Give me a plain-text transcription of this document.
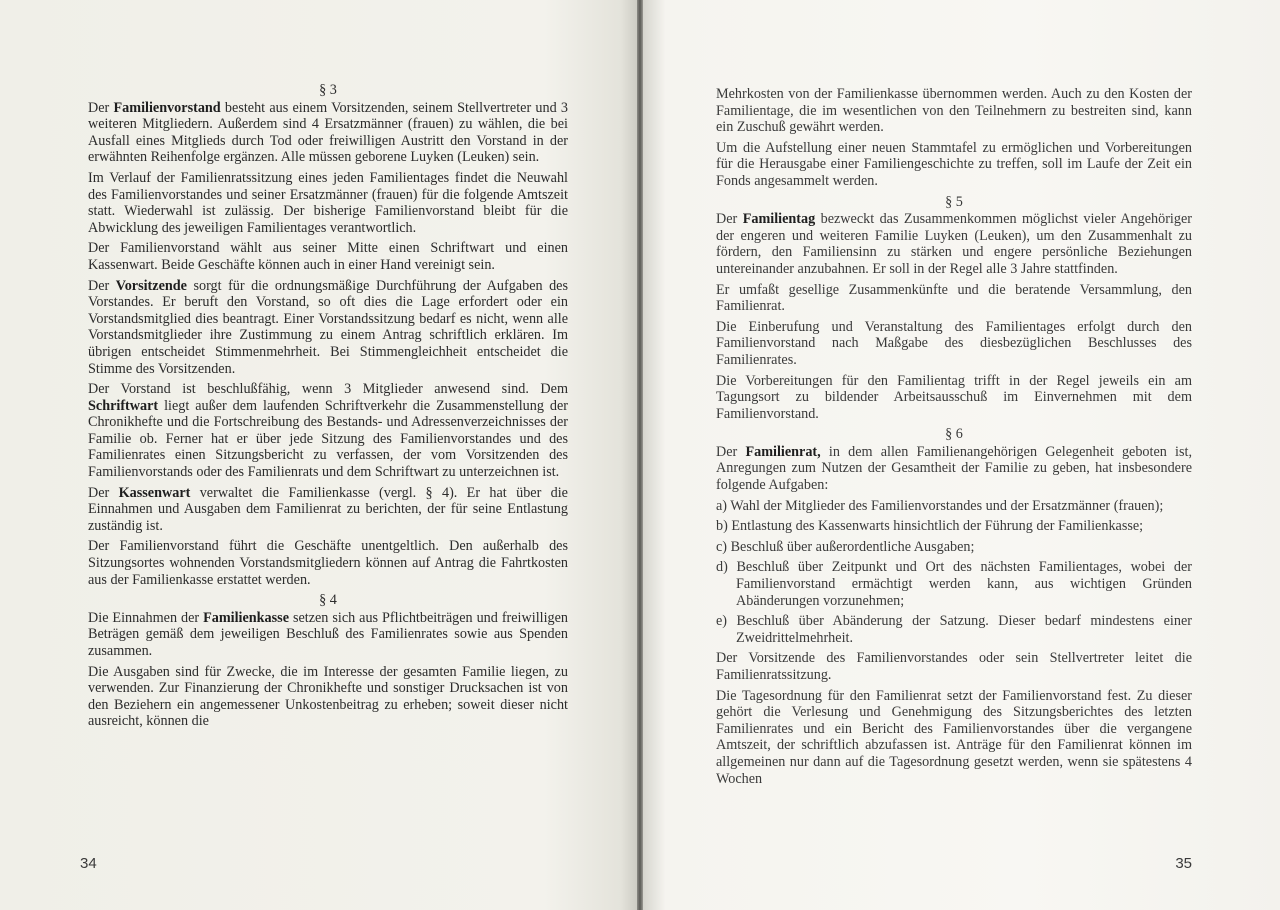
§ 3

Der Familienvorstand besteht aus einem Vorsitzenden, seinem Stellvertreter und 3 weiteren Mitgliedern. Außerdem sind 4 Ersatzmänner (frauen) zu wählen, die bei Ausfall eines Mitglieds durch Tod oder freiwilligen Austritt den Vorstand in der erwähnten Reihenfolge ergänzen. Alle müssen geborene Luyken (Leuken) sein.

Im Verlauf der Familienratssitzung eines jeden Familientages findet die Neuwahl des Familienvorstandes und seiner Ersatzmänner (frauen) für die folgende Amtszeit statt. Wiederwahl ist zulässig. Der bisherige Familienvorstand bleibt für die Abwicklung des jeweiligen Familientages verantwortlich.

Der Familienvorstand wählt aus seiner Mitte einen Schriftwart und einen Kassenwart. Beide Geschäfte können auch in einer Hand vereinigt sein.

Der Vorsitzende sorgt für die ordnungsmäßige Durchführung der Aufgaben des Vorstandes. Er beruft den Vorstand, so oft dies die Lage erfordert oder ein Vorstandsmitglied dies beantragt. Einer Vorstandssitzung bedarf es nicht, wenn alle Vorstandsmitglieder ihre Zustimmung zu einem Antrag schriftlich erklären. Im übrigen entscheidet Stimmenmehrheit. Bei Stimmengleichheit entscheidet die Stimme des Vorsitzenden.

Der Vorstand ist beschlußfähig, wenn 3 Mitglieder anwesend sind. Dem Schriftwart liegt außer dem laufenden Schriftverkehr die Zusammenstellung der Chronikhefte und die Fortschreibung des Bestands- und Adressenverzeichnisses der Familie ob. Ferner hat er über jede Sitzung des Familienvorstandes und des Familienrates einen Sitzungsbericht zu verfassen, der vom Vorsitzenden des Familienvorstands oder des Familienrats und dem Schriftwart zu unterzeichnen ist.

Der Kassenwart verwaltet die Familienkasse (vergl. § 4). Er hat über die Einnahmen und Ausgaben dem Familienrat zu berichten, der für seine Entlastung zuständig ist.

Der Familienvorstand führt die Geschäfte unentgeltlich. Den außerhalb des Sitzungsortes wohnenden Vorstandsmitgliedern können auf Antrag die Fahrtkosten aus der Familienkasse erstattet werden.

§ 4

Die Einnahmen der Familienkasse setzen sich aus Pflichtbeiträgen und freiwilligen Beträgen gemäß dem jeweiligen Beschluß des Familienrates sowie aus Spenden zusammen.

Die Ausgaben sind für Zwecke, die im Interesse der gesamten Familie liegen, zu verwenden. Zur Finanzierung der Chronikhefte und sonstiger Drucksachen ist von den Beziehern ein angemessener Unkostenbeitrag zu erheben; soweit dieser nicht ausreicht, können die

34

Mehrkosten von der Familienkasse übernommen werden. Auch zu den Kosten der Familientage, die im wesentlichen von den Teilnehmern zu bestreiten sind, kann ein Zuschuß gewährt werden.

Um die Aufstellung einer neuen Stammtafel zu ermöglichen und Vorbereitungen für die Herausgabe einer Familiengeschichte zu treffen, soll im Laufe der Zeit ein Fonds angesammelt werden.

§ 5

Der Familientag bezweckt das Zusammenkommen möglichst vieler Angehöriger der engeren und weiteren Familie Luyken (Leuken), um den Zusammenhalt zu fördern, den Familiensinn zu stärken und engere persönliche Beziehungen untereinander anzubahnen. Er soll in der Regel alle 3 Jahre stattfinden.

Er umfaßt gesellige Zusammenkünfte und die beratende Versammlung, den Familienrat.

Die Einberufung und Veranstaltung des Familientages erfolgt durch den Familienvorstand nach Maßgabe des diesbezüglichen Beschlusses des Familienrates.

Die Vorbereitungen für den Familientag trifft in der Regel jeweils ein am Tagungsort zu bildender Arbeitsausschuß im Einvernehmen mit dem Familienvorstand.

§ 6

Der Familienrat, in dem allen Familienangehörigen Gelegenheit geboten ist, Anregungen zum Nutzen der Gesamtheit der Familie zu geben, hat insbesondere folgende Aufgaben:

a) Wahl der Mitglieder des Familienvorstandes und der Ersatzmänner (frauen);

b) Entlastung des Kassenwarts hinsichtlich der Führung der Familienkasse;

c) Beschluß über außerordentliche Ausgaben;

d) Beschluß über Zeitpunkt und Ort des nächsten Familientages, wobei der Familienvorstand ermächtigt werden kann, aus wichtigen Gründen Abänderungen vorzunehmen;

e) Beschluß über Abänderung der Satzung. Dieser bedarf mindestens einer Zweidrittelmehrheit.

Der Vorsitzende des Familienvorstandes oder sein Stellvertreter leitet die Familienratssitzung.

Die Tagesordnung für den Familienrat setzt der Familienvorstand fest. Zu dieser gehört die Verlesung und Genehmigung des Sitzungsberichtes des letzten Familienrates und ein Bericht des Familienvorstandes über die vergangene Amtszeit, der schriftlich abzufassen ist. Anträge für den Familienrat können im allgemeinen nur dann auf die Tagesordnung gesetzt werden, wenn sie spätestens 4 Wochen

35
